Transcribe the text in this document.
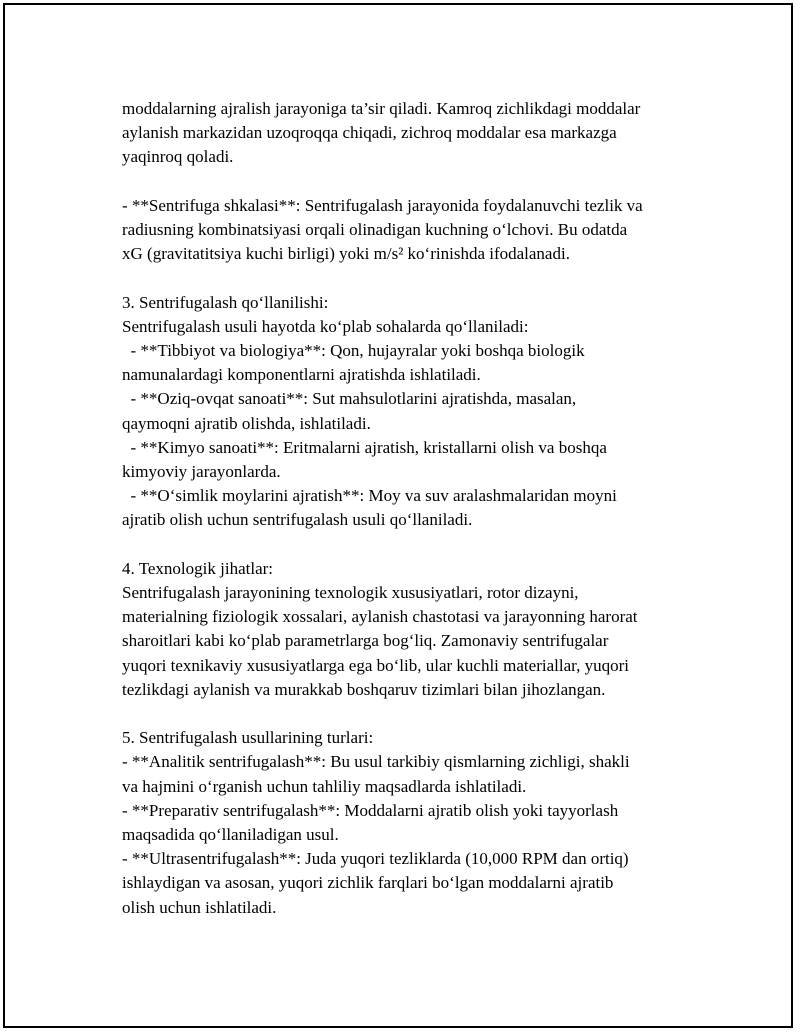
moddalarning ajralish jarayoniga ta’sir qiladi. Kamroq zichlikdagi moddalar
aylanish markazidan uzoqroqqa chiqadi, zichroq moddalar esa markazga
yaqinroq qoladi.
- **Sentrifuga shkalasi**: Sentrifugalash jarayonida foydalanuvchi tezlik va
radiusning kombinatsiyasi orqali olinadigan kuchning o‘lchovi. Bu odatda
xG (gravitatitsiya kuchi birligi) yoki m/s² ko‘rinishda ifodalanadi.
3. Sentrifugalash qo‘llanilishi:
Sentrifugalash usuli hayotda ko‘plab sohalarda qo‘llaniladi:
- **Tibbiyot va biologiya**: Qon, hujayralar yoki boshqa biologik
namunalardagi komponentlarni ajratishda ishlatiladi.
- **Oziq-ovqat sanoati**: Sut mahsulotlarini ajratishda, masalan,
qaymoqni ajratib olishda, ishlatiladi.
- **Kimyo sanoati**: Eritmalarni ajratish, kristallarni olish va boshqa
kimyoviy jarayonlarda.
- **O‘simlik moylarini ajratish**: Moy va suv aralashmalaridan moyni
ajratib olish uchun sentrifugalash usuli qo‘llaniladi.
4. Texnologik jihatlar:
Sentrifugalash jarayonining texnologik xususiyatlari, rotor dizayni,
materialning fiziologik xossalari, aylanish chastotasi va jarayonning harorat
sharoitlari kabi ko‘plab parametrlarga bog‘liq. Zamonaviy sentrifugalar
yuqori texnikaviy xususiyatlarga ega bo‘lib, ular kuchli materiallar, yuqori
tezlikdagi aylanish va murakkab boshqaruv tizimlari bilan jihozlangan.
5. Sentrifugalash usullarining turlari:
- **Analitik sentrifugalash**: Bu usul tarkibiy qismlarning zichligi, shakli
va hajmini o‘rganish uchun tahliliy maqsadlarda ishlatiladi.
- **Preparativ sentrifugalash**: Moddalarni ajratib olish yoki tayyorlash
maqsadida qo‘llaniladigan usul.
- **Ultrasentrifugalash**: Juda yuqori tezliklarda (10,000 RPM dan ortiq)
ishlaydigan va asosan, yuqori zichlik farqlari bo‘lgan moddalarni ajratib
olish uchun ishlatiladi.
